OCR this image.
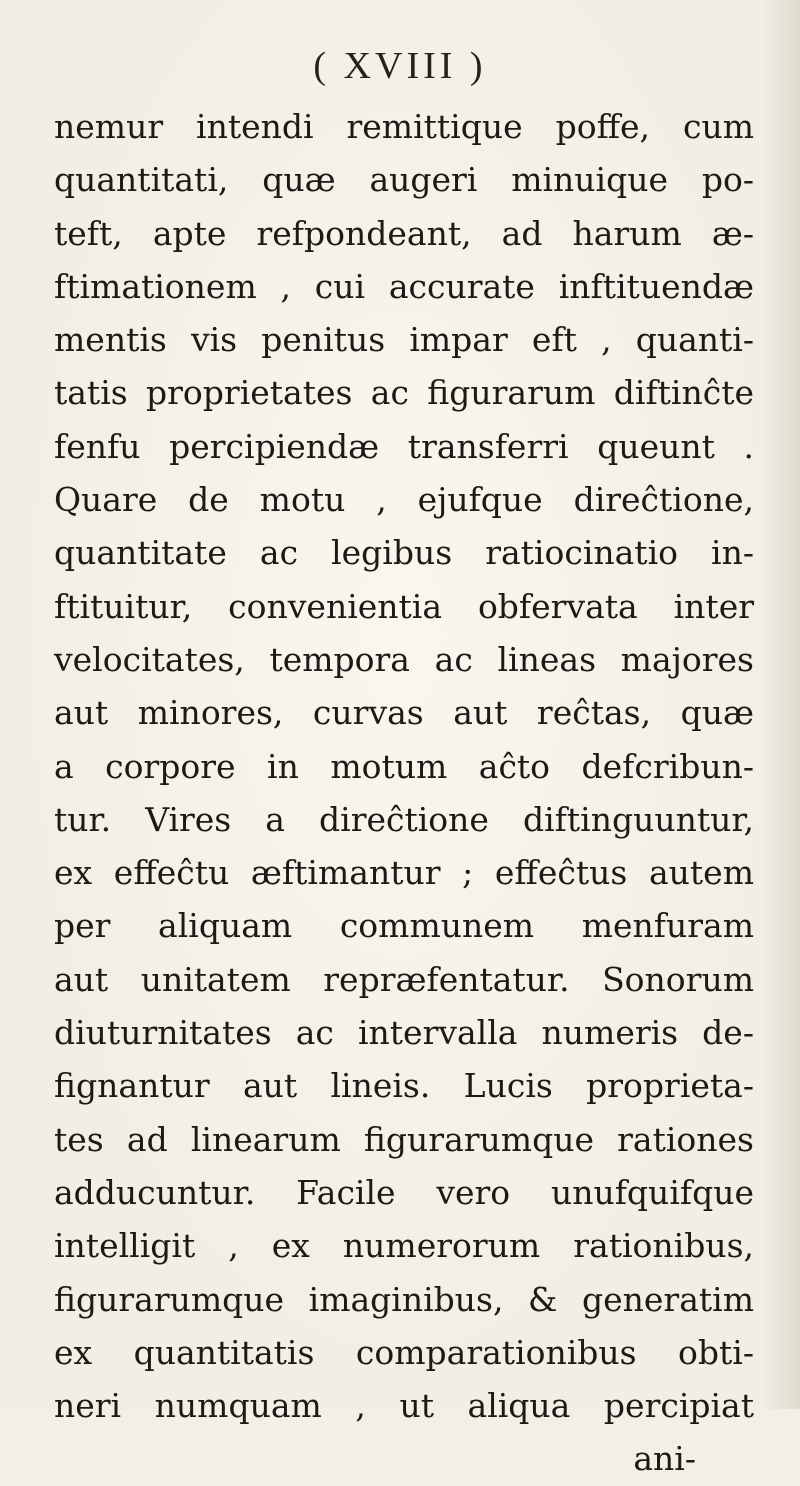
( XVIII )
nemur intendi remittique poffe, cum
quantitati, quæ augeri minuique po-
teft, apte refpondeant, ad harum æ-
ftimationem , cui accurate inftituendæ
mentis vis penitus impar eft , quanti-
tatis proprietates ac figurarum diftinĉte
fenfu percipiendæ transferri queunt .
Quare de motu , ejufque direĉtione,
quantitate ac legibus ratiocinatio in-
ftituitur, convenientia obfervata inter
velocitates, tempora ac lineas majores
aut minores, curvas aut reĉtas, quæ
a corpore in motum aĉto defcribun-
tur. Vires a direĉtione diftinguuntur,
ex effeĉtu æftimantur ; effeĉtus autem
per aliquam communem menfuram
aut unitatem repræfentatur. Sonorum
diuturnitates ac intervalla numeris de-
fignantur aut lineis. Lucis proprieta-
tes ad linearum figurarumque rationes
adducuntur. Facile vero unufquifque
intelligit , ex numerorum rationibus,
figurarumque imaginibus, & generatim
ex quantitatis comparationibus obti-
neri numquam , ut aliqua percipiat
ani-
